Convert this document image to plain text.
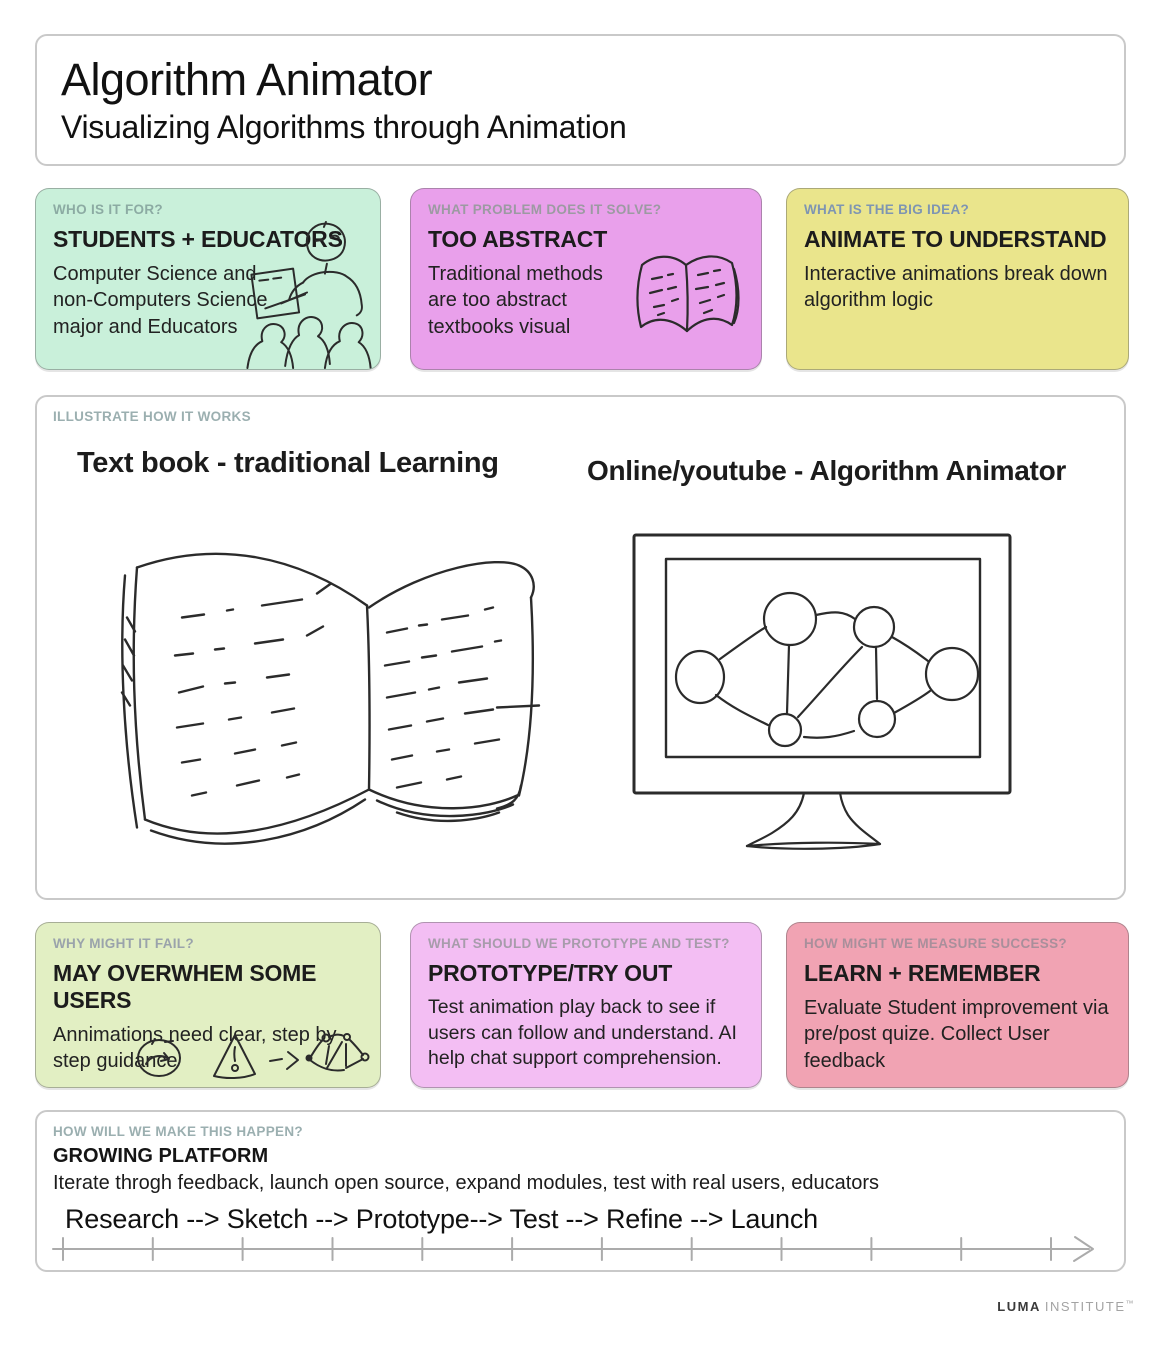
Algorithm Animator
Visualizing Algorithms through Animation
WHO IS IT FOR?
STUDENTS + EDUCATORS
Computer Science and non-Computers Science major and Educators
WHAT PROBLEM DOES IT SOLVE?
TOO ABSTRACT
Traditional methods are too abstract textbooks visual
WHAT IS THE BIG IDEA?
ANIMATE TO UNDERSTAND
Interactive animations break down algorithm logic
ILLUSTRATE HOW IT WORKS
Text book - traditional Learning	Online/youtube - Algorithm Animator
WHY MIGHT IT FAIL?
MAY OVERWHEM SOME USERS
Annimations need clear, step by step guidance
WHAT SHOULD WE PROTOTYPE AND TEST?
PROTOTYPE/TRY OUT
Test animation play back to see if users can follow and understand. AI help chat support comprehension.
HOW MIGHT WE MEASURE SUCCESS?
LEARN + REMEMBER
Evaluate Student improvement via pre/post quize. Collect User feedback
HOW WILL WE MAKE THIS HAPPEN?
GROWING PLATFORM
Iterate throgh feedback, launch open source, expand modules, test with real users, educators
Research --> Sketch --> Prototype--> Test --> Refine --> Launch
LUMA INSTITUTE™
